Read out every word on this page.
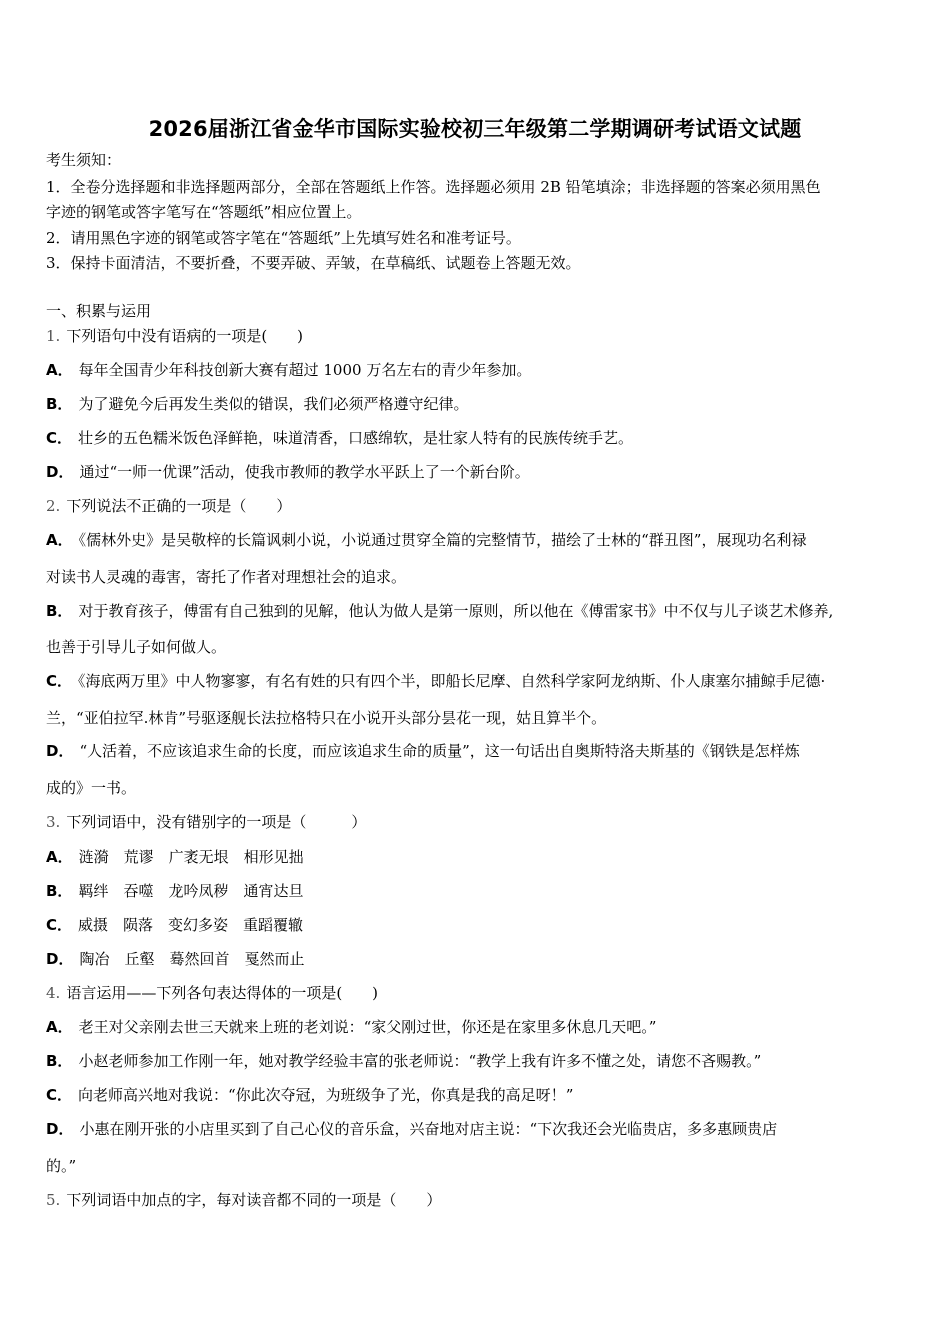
2026届浙江省金华市国际实验校初三年级第二学期调研考试语文试题
考生须知：
1．全卷分选择题和非选择题两部分，全部在答题纸上作答。选择题必须用 2B 铅笔填涂；非选择题的答案必须用黑色
字迹的钢笔或答字笔写在“答题纸”相应位置上。
2．请用黑色字迹的钢笔或答字笔在“答题纸”上先填写姓名和准考证号。
3．保持卡面清洁，不要折叠，不要弄破、弄皱，在草稿纸、试题卷上答题无效。
一、积累与运用
1. 下列语句中没有语病的一项是(　　)
A． 每年全国青少年科技创新大赛有超过 1000 万名左右的青少年参加。
B． 为了避免今后再发生类似的错误，我们必须严格遵守纪律。
C． 壮乡的五色糯米饭色泽鲜艳，味道清香，口感绵软，是壮家人特有的民族传统手艺。
D． 通过“一师一优课”活动，使我市教师的教学水平跃上了一个新台阶。
2. 下列说法不正确的一项是（　　）
A． 《儒林外史》是吴敬梓的长篇讽刺小说，小说通过贯穿全篇的完整情节，描绘了士林的“群丑图”，展现功名利禄
对读书人灵魂的毒害，寄托了作者对理想社会的追求。
B． 对于教育孩子，傅雷有自己独到的见解，他认为做人是第一原则，所以他在《傅雷家书》中不仅与儿子谈艺术修养,
也善于引导儿子如何做人。
C． 《海底两万里》中人物寥寥，有名有姓的只有四个半，即船长尼摩、自然科学家阿龙纳斯、仆人康塞尔捕鲸手尼德·
兰，“亚伯拉罕.林肯”号驱逐舰长法拉格特只在小说开头部分昙花一现，姑且算半个。
D． “人活着，不应该追求生命的长度，而应该追求生命的质量”，这一句话出自奥斯特洛夫斯基的《钢铁是怎样炼
成的》一书。
3. 下列词语中，没有错别字的一项是（　　　）
A． 涟漪　荒谬　广袤无垠　相形见拙
B． 羁绊　吞噬　龙吟凤秽　通宵达旦
C． 威摄　陨落　变幻多姿　重蹈覆辙
D． 陶冶　丘壑　蓦然回首　戛然而止
4. 语言运用——下列各句表达得体的一项是(　　)
A． 老王对父亲刚去世三天就来上班的老刘说：“家父刚过世，你还是在家里多休息几天吧。”
B． 小赵老师参加工作刚一年，她对教学经验丰富的张老师说：“教学上我有许多不懂之处，请您不吝赐教。”
C． 向老师高兴地对我说：“你此次夺冠，为班级争了光，你真是我的高足呀！”
D． 小惠在刚开张的小店里买到了自己心仪的音乐盒，兴奋地对店主说：“下次我还会光临贵店，多多惠顾贵店
的。”
5. 下列词语中加点的字，每对读音都不同的一项是（　　）
